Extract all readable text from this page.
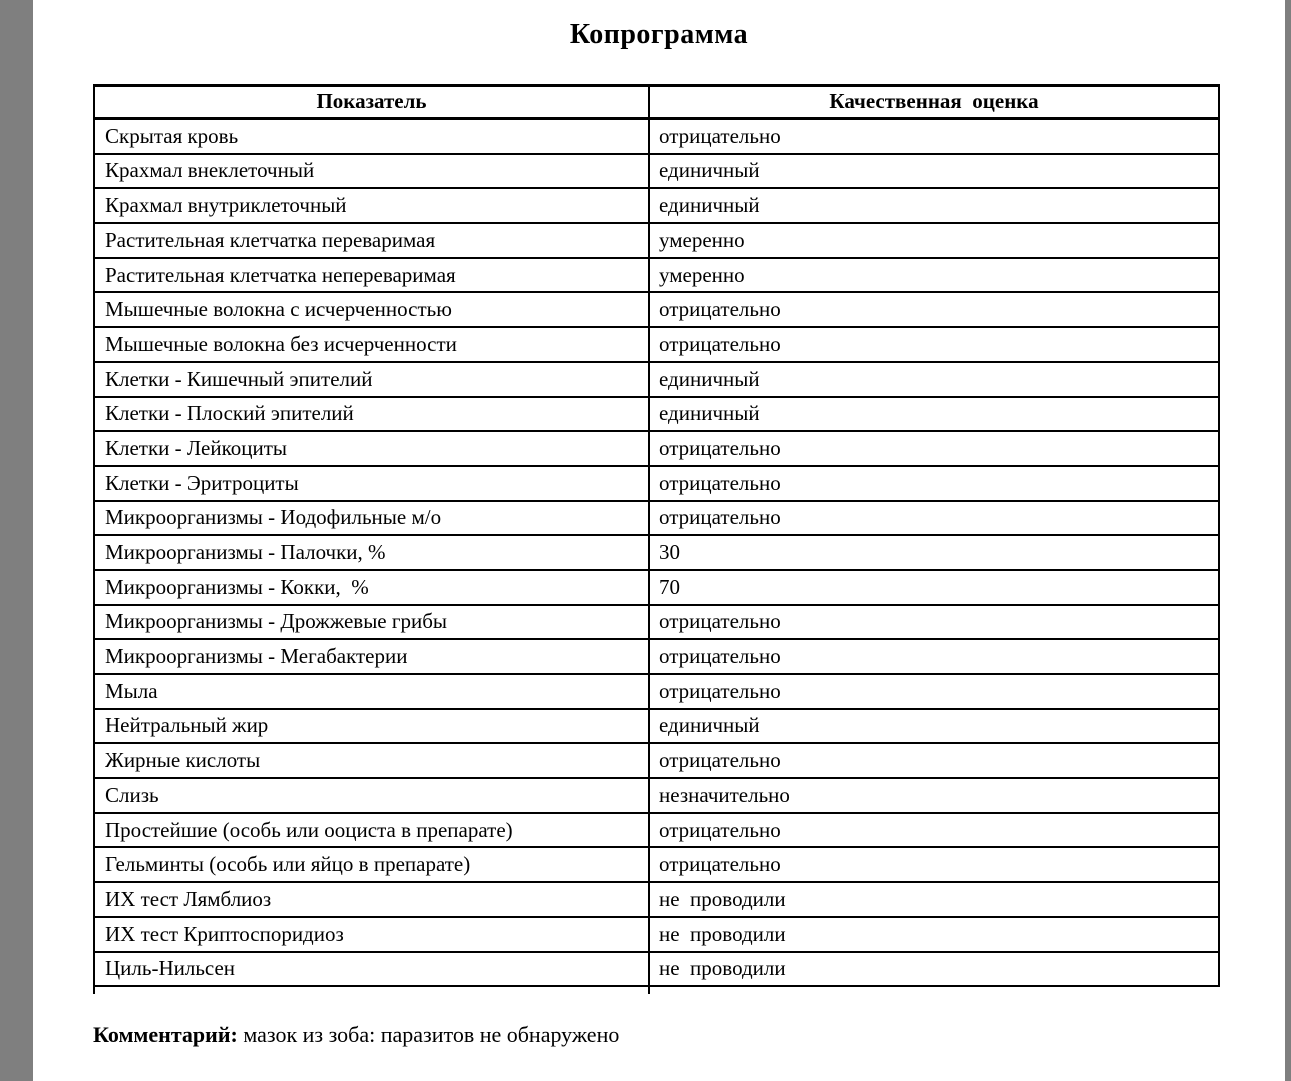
Копрограмма
Показатель	Качественная  оценка
Скрытая кровь	отрицательно
Крахмал внеклеточный	единичный
Крахмал внутриклеточный	единичный
Растительная клетчатка переваримая	умеренно
Растительная клетчатка непереваримая	умеренно
Мышечные волокна с исчерченностью	отрицательно
Мышечные волокна без исчерченности	отрицательно
Клетки - Кишечный эпителий	единичный
Клетки - Плоский эпителий	единичный
Клетки - Лейкоциты	отрицательно
Клетки - Эритроциты	отрицательно
Микроорганизмы - Иодофильные м/о	отрицательно
Микроорганизмы - Палочки, %	30
Микроорганизмы - Кокки,  %	70
Микроорганизмы - Дрожжевые грибы	отрицательно
Микроорганизмы - Мегабактерии	отрицательно
Мыла	отрицательно
Нейтральный жир	единичный
Жирные кислоты	отрицательно
Слизь	незначительно
Простейшие (особь или ооциста в препарате)	отрицательно
Гельминты (особь или яйцо в препарате)	отрицательно
ИХ тест Лямблиоз	не  проводили
ИХ тест Криптоспоридиоз	не  проводили
Циль-Нильсен	не  проводили
Комментарий: мазок из зоба: паразитов не обнаружено
